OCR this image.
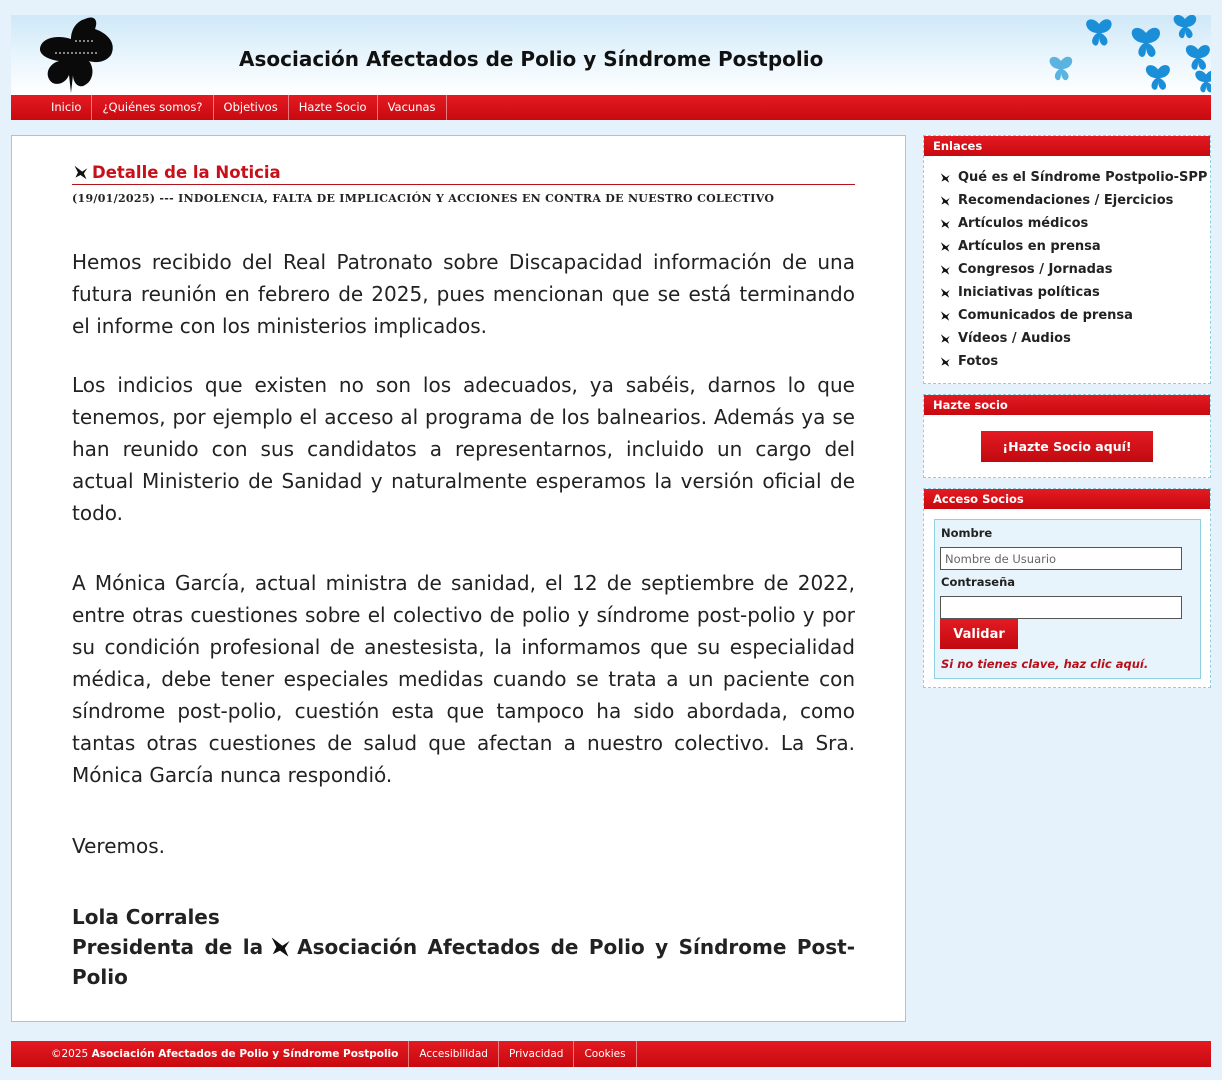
Asociación Afectados de Polio y Síndrome Postpolio
Inicio	¿Quiénes somos?	Objetivos	Hazte Socio	Vacunas
Detalle de la Noticia
(19/01/2025) --- INDOLENCIA, FALTA DE IMPLICACIÓN Y ACCIONES EN CONTRA DE NUESTRO COLECTIVO

Hemos recibido del Real Patronato sobre Discapacidad información de una futura reunión en febrero de 2025, pues mencionan que se está terminando el informe con los ministerios implicados.

Los indicios que existen no son los adecuados, ya sabéis, darnos lo que tenemos, por ejemplo el acceso al programa de los balnearios. Además ya se han reunido con sus candidatos a representarnos, incluido un cargo del actual Ministerio de Sanidad y naturalmente esperamos la versión oficial de todo.

A Mónica García, actual ministra de sanidad, el 12 de septiembre de 2022, entre otras cuestiones sobre el colectivo de polio y síndrome post-polio y por su condición profesional de anestesista, la informamos que su especialidad médica, debe tener especiales medidas cuando se trata a un paciente con síndrome post-polio, cuestión esta que tampoco ha sido abordada, como tantas otras cuestiones de salud que afectan a nuestro colectivo. La Sra. Mónica García nunca respondió.

Veremos.

Lola Corrales
Presidenta de la Asociación Afectados de Polio y Síndrome Post-Polio
Enlaces
Qué es el Síndrome Postpolio-SPP
Recomendaciones / Ejercicios
Artículos médicos
Artículos en prensa
Congresos / Jornadas
Iniciativas políticas
Comunicados de prensa
Vídeos / Audios
Fotos
Hazte socio
¡Hazte Socio aquí!
Acceso Socios
Nombre
Nombre de Usuario
Contraseña
Validar
Si no tienes clave, haz clic aquí.
©2025 Asociación Afectados de Polio y Síndrome Postpolio	Accesibilidad	Privacidad	Cookies
